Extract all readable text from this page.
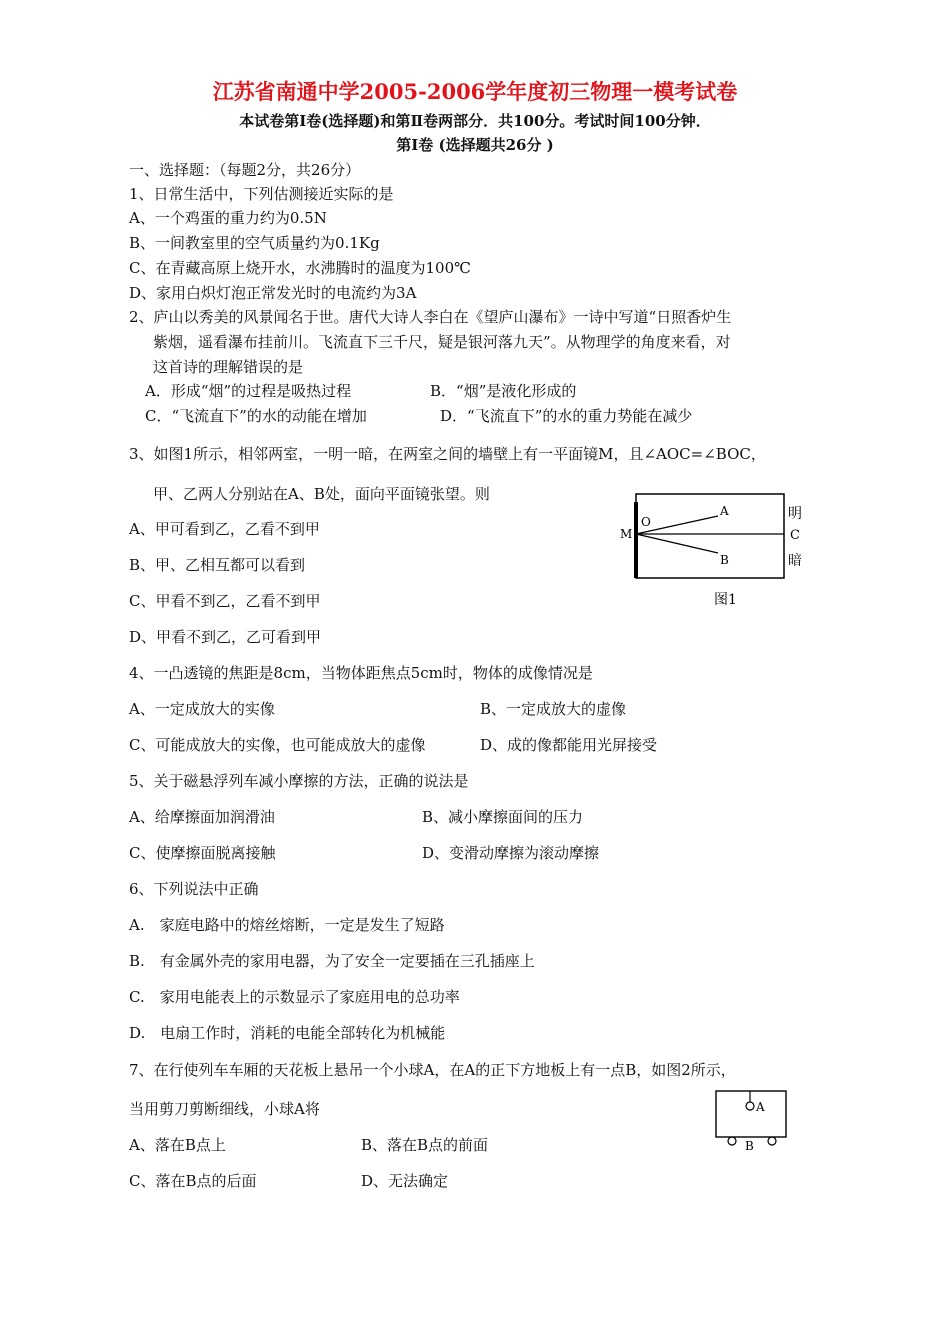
江苏省南通中学2005-2006学年度初三物理一模考试卷
本试卷第Ⅰ卷(选择题)和第Ⅱ卷两部分．共100分。考试时间100分钟．
第Ⅰ卷 (选择题共26分 )
一、选择题：（每题2分，共26分）
1、日常生活中，下列估测接近实际的是
A、一个鸡蛋的重力约为0.5N
B、一间教室里的空气质量约为0.1Kg
C、在青藏高原上烧开水，水沸腾时的温度为100℃
D、家用白炽灯泡正常发光时的电流约为3A
2、庐山以秀美的风景闻名于世。唐代大诗人李白在《望庐山瀑布》一诗中写道“日照香炉生
紫烟，遥看瀑布挂前川。飞流直下三千尺，疑是银河落九天”。从物理学的角度来看，对
这首诗的理解错误的是
A．形成“烟”的过程是吸热过程	B．“烟”是液化形成的
C．“飞流直下”的水的动能在增加	D．“飞流直下”的水的重力势能在减少
3、如图1所示，相邻两室，一明一暗，在两室之间的墙壁上有一平面镜M，且∠AOC=∠BOC，
甲、乙两人分别站在A、B处，面向平面镜张望。则
A、甲可看到乙，乙看不到甲
B、甲、乙相互都可以看到
C、甲看不到乙，乙看不到甲
D、甲看不到乙，乙可看到甲
M
O
A
B
明
C
暗
图1
4、一凸透镜的焦距是8cm，当物体距焦点5cm时，物体的成像情况是
A、一定成放大的实像	B、一定成放大的虚像
C、可能成放大的实像，也可能成放大的虚像	D、成的像都能用光屏接受
5、关于磁悬浮列车减小摩擦的方法，正确的说法是
A、给摩擦面加润滑油	B、减小摩擦面间的压力
C、使摩擦面脱离接触	D、变滑动摩擦为滚动摩擦
6、下列说法中正确
A.　家庭电路中的熔丝熔断，一定是发生了短路
B.　有金属外壳的家用电器，为了安全一定要插在三孔插座上
C.　家用电能表上的示数显示了家庭用电的总功率
D.　电扇工作时，消耗的电能全部转化为机械能
7、在行使列车车厢的天花板上悬吊一个小球A，在A的正下方地板上有一点B，如图2所示，
当用剪刀剪断细线，小球A将
A、落在B点上	B、落在B点的前面
C、落在B点的后面	D、无法确定
A
B
